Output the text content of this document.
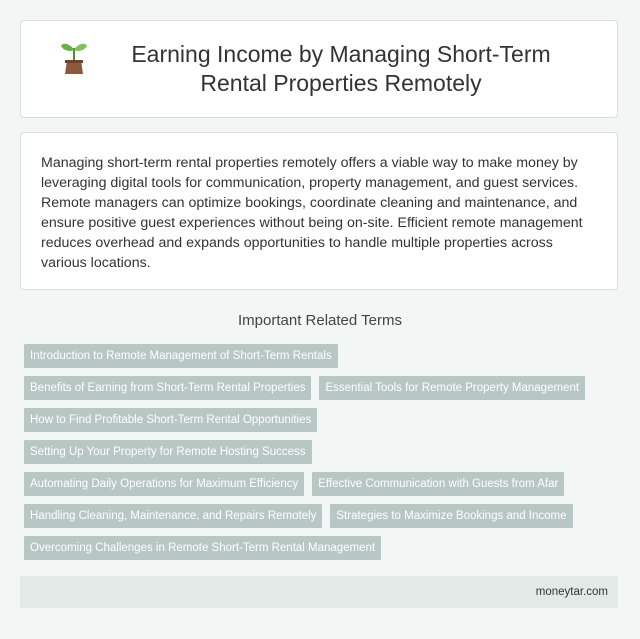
Earning Income by Managing Short-Term Rental Properties Remotely

Managing short-term rental properties remotely offers a viable way to make money by leveraging digital tools for communication, property management, and guest services. Remote managers can optimize bookings, coordinate cleaning and maintenance, and ensure positive guest experiences without being on-site. Efficient remote management reduces overhead and expands opportunities to handle multiple properties across various locations.

Important Related Terms
Introduction to Remote Management of Short-Term Rentals
Benefits of Earning from Short-Term Rental Properties	Essential Tools for Remote Property Management
How to Find Profitable Short-Term Rental Opportunities
Setting Up Your Property for Remote Hosting Success
Automating Daily Operations for Maximum Efficiency	Effective Communication with Guests from Afar
Handling Cleaning, Maintenance, and Repairs Remotely	Strategies to Maximize Bookings and Income
Overcoming Challenges in Remote Short-Term Rental Management
moneytar.com
